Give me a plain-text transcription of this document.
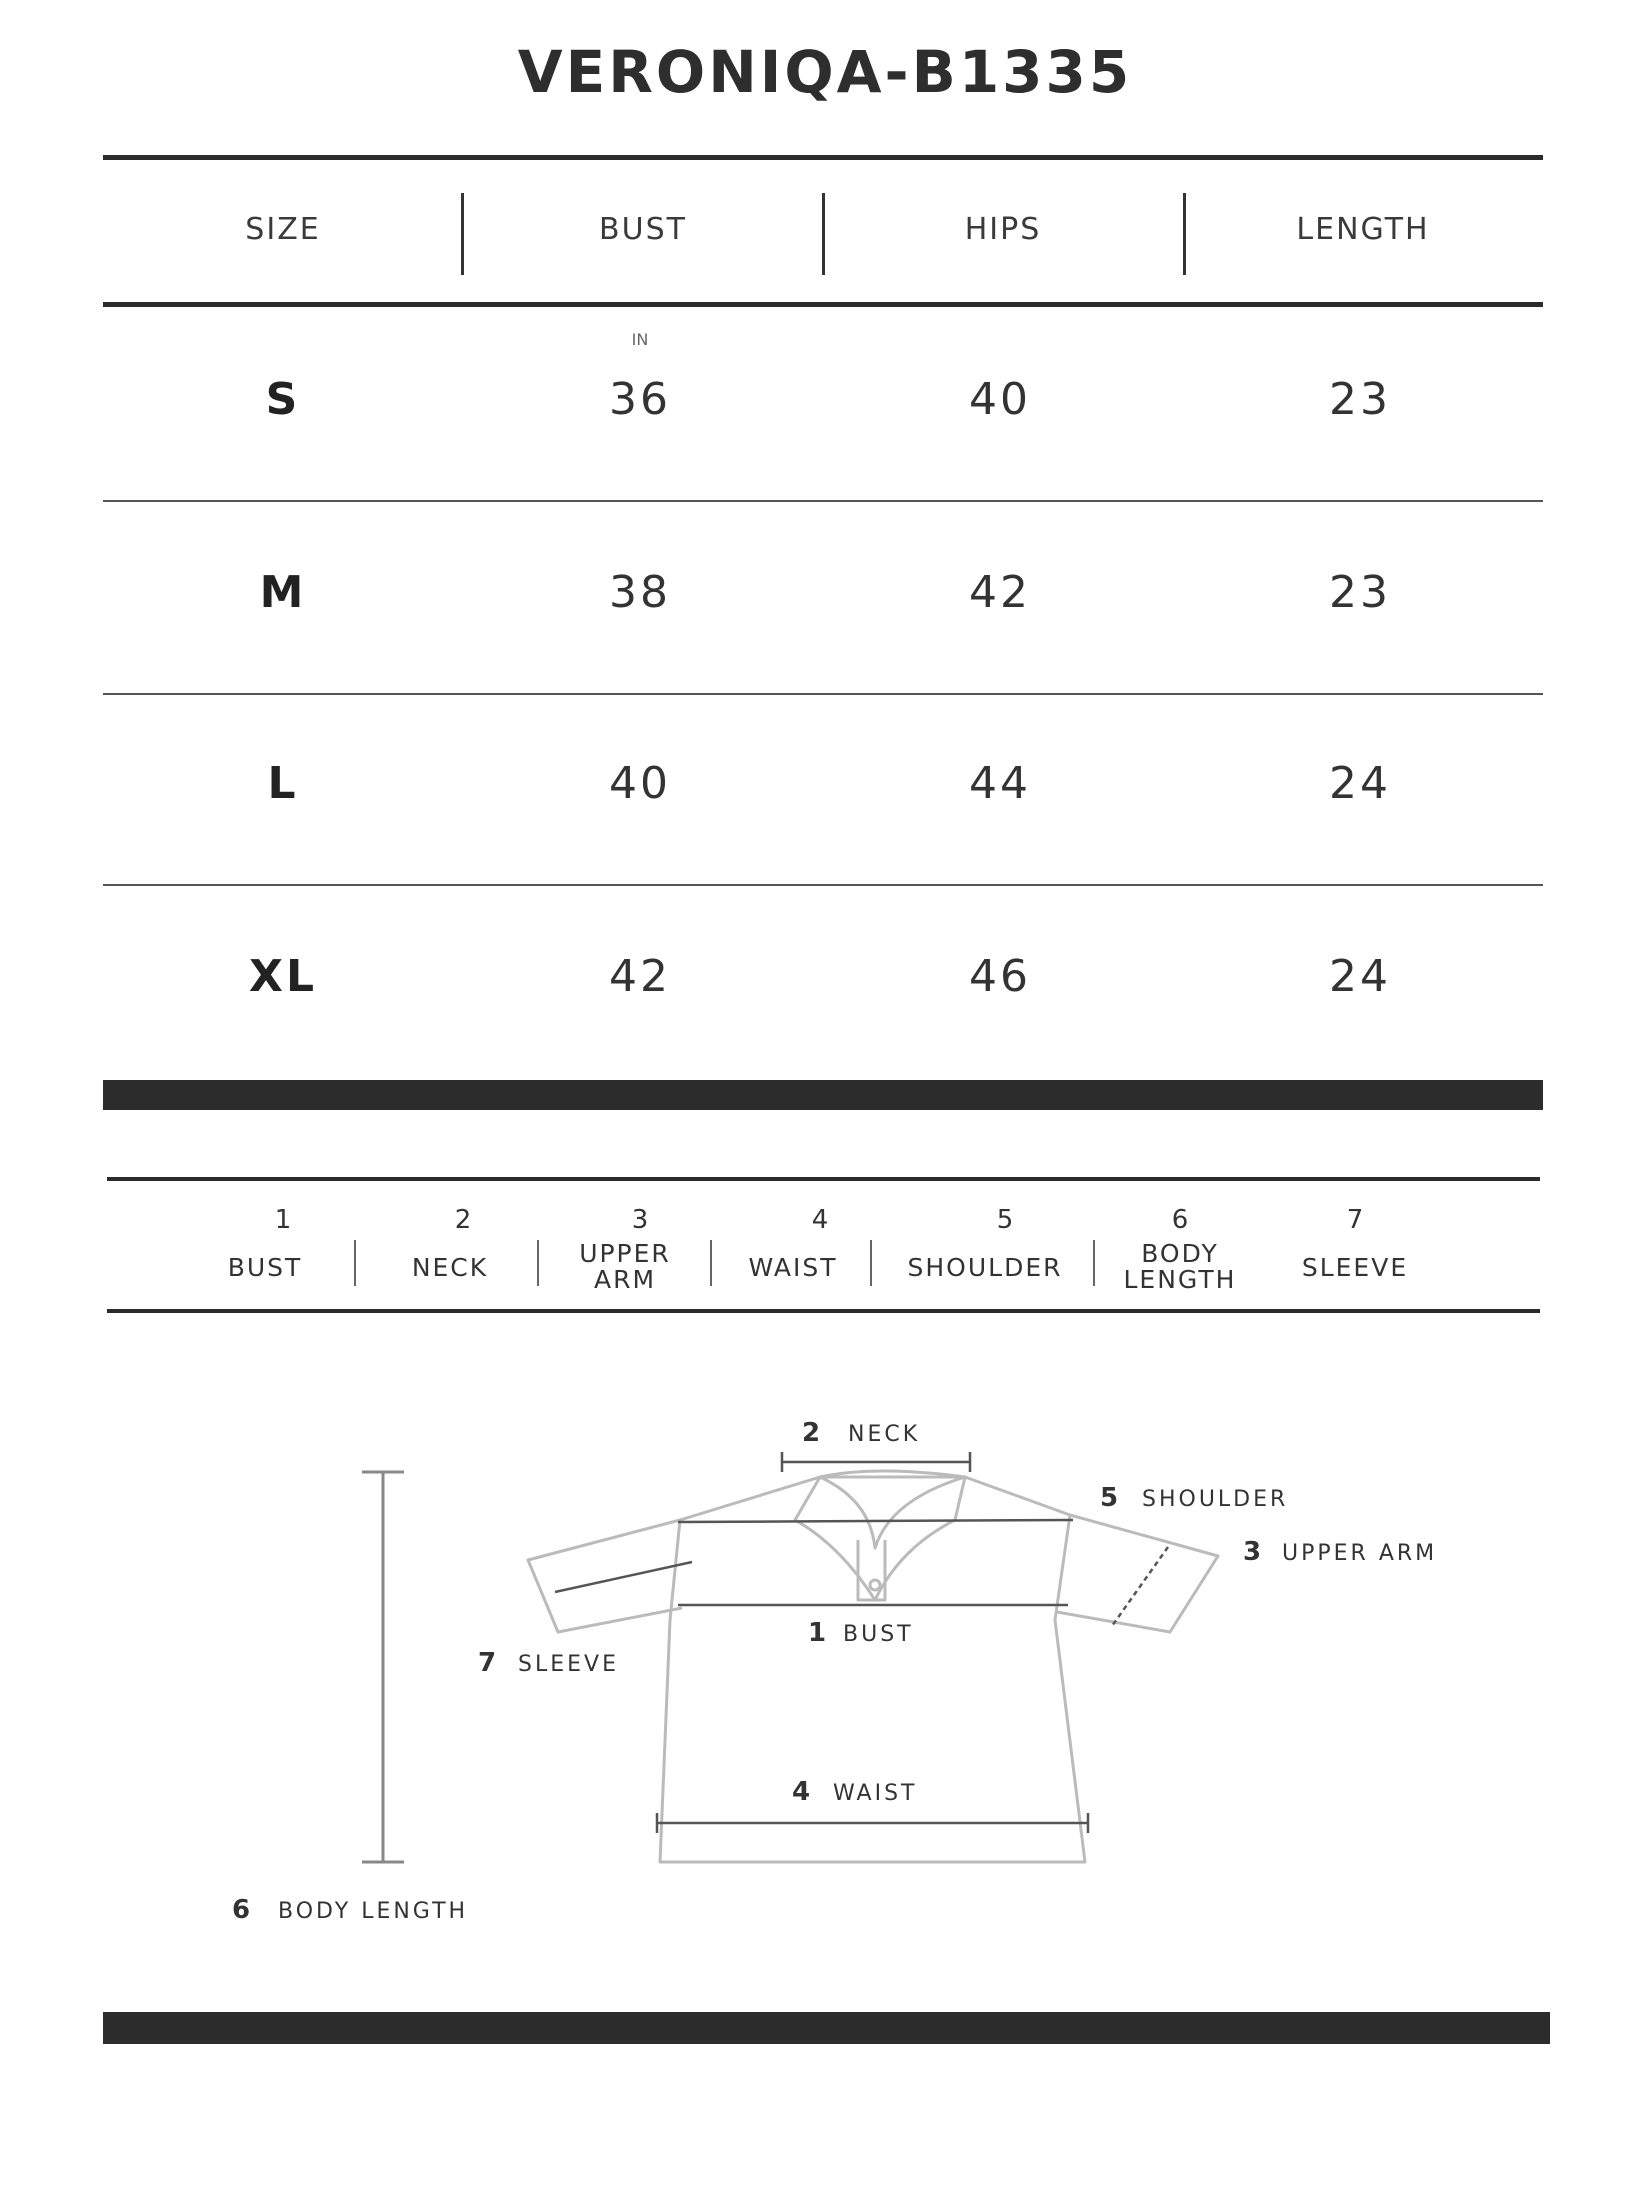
VERONIQA-B1335
SIZE	BUST	HIPS	LENGTH
IN
S	36	40	23
M	38	42	23
L	40	44	24
XL	42	46	24
1
BUST
2
NECK
3
UPPER ARM
4
WAIST
5
SHOULDER
6
BODY LENGTH
7
SLEEVE
2 NECK
5 SHOULDER
3 UPPER ARM
1 BUST
7 SLEEVE
4 WAIST
6 BODY LENGTH
